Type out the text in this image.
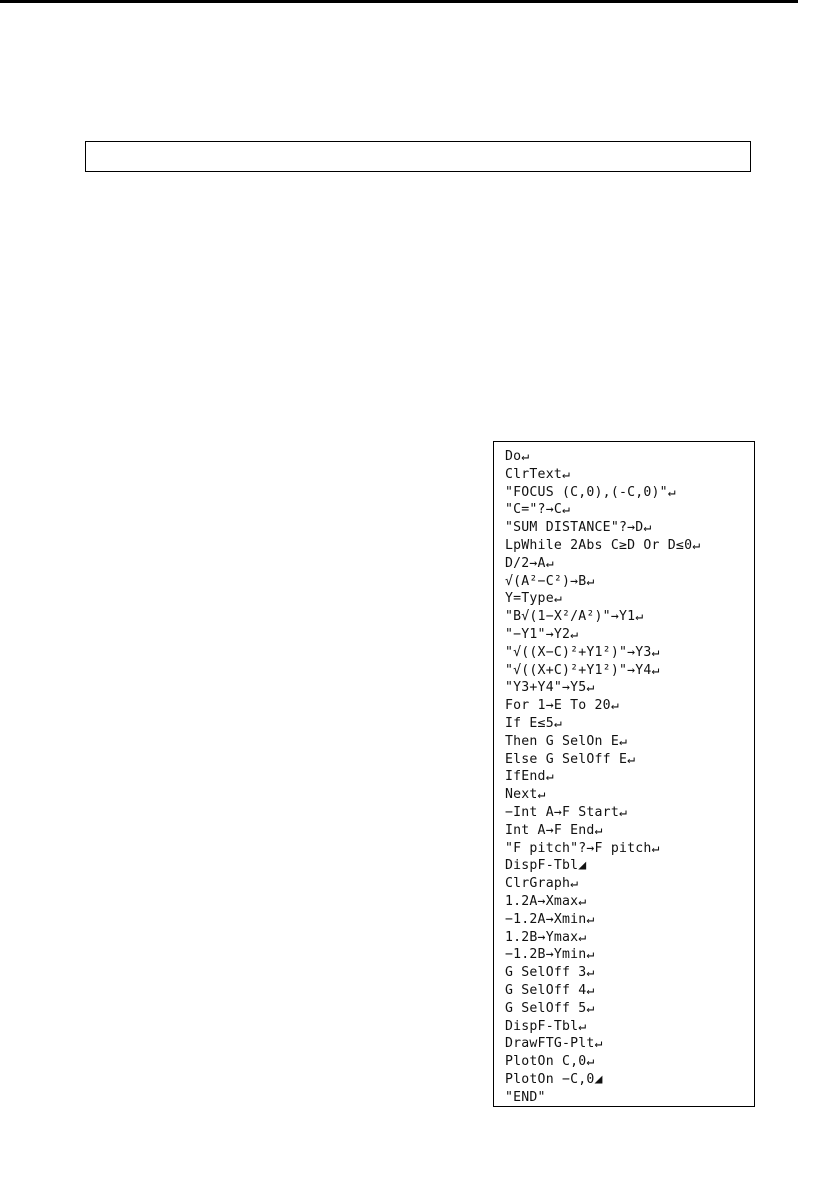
Do↵
ClrText↵
"FOCUS (C,0),(-C,0)"↵
"C="?→C↵
"SUM DISTANCE"?→D↵
LpWhile 2Abs C≥D Or D≤0↵
D/2→A↵
√(A²−C²)→B↵
Y=Type↵
"B√(1−X²/A²)"→Y1↵
"−Y1"→Y2↵
"√((X−C)²+Y1²)"→Y3↵
"√((X+C)²+Y1²)"→Y4↵
"Y3+Y4"→Y5↵
For 1→E To 20↵
If E≤5↵
Then G SelOn E↵
Else G SelOff E↵
IfEnd↵
Next↵
−Int A→F Start↵
Int A→F End↵
"F pitch"?→F pitch↵
DispF-Tbl◢
ClrGraph↵
1.2A→Xmax↵
−1.2A→Xmin↵
1.2B→Ymax↵
−1.2B→Ymin↵
G SelOff 3↵
G SelOff 4↵
G SelOff 5↵
DispF-Tbl↵
DrawFTG-Plt↵
PlotOn C,0↵
PlotOn −C,0◢
"END"
